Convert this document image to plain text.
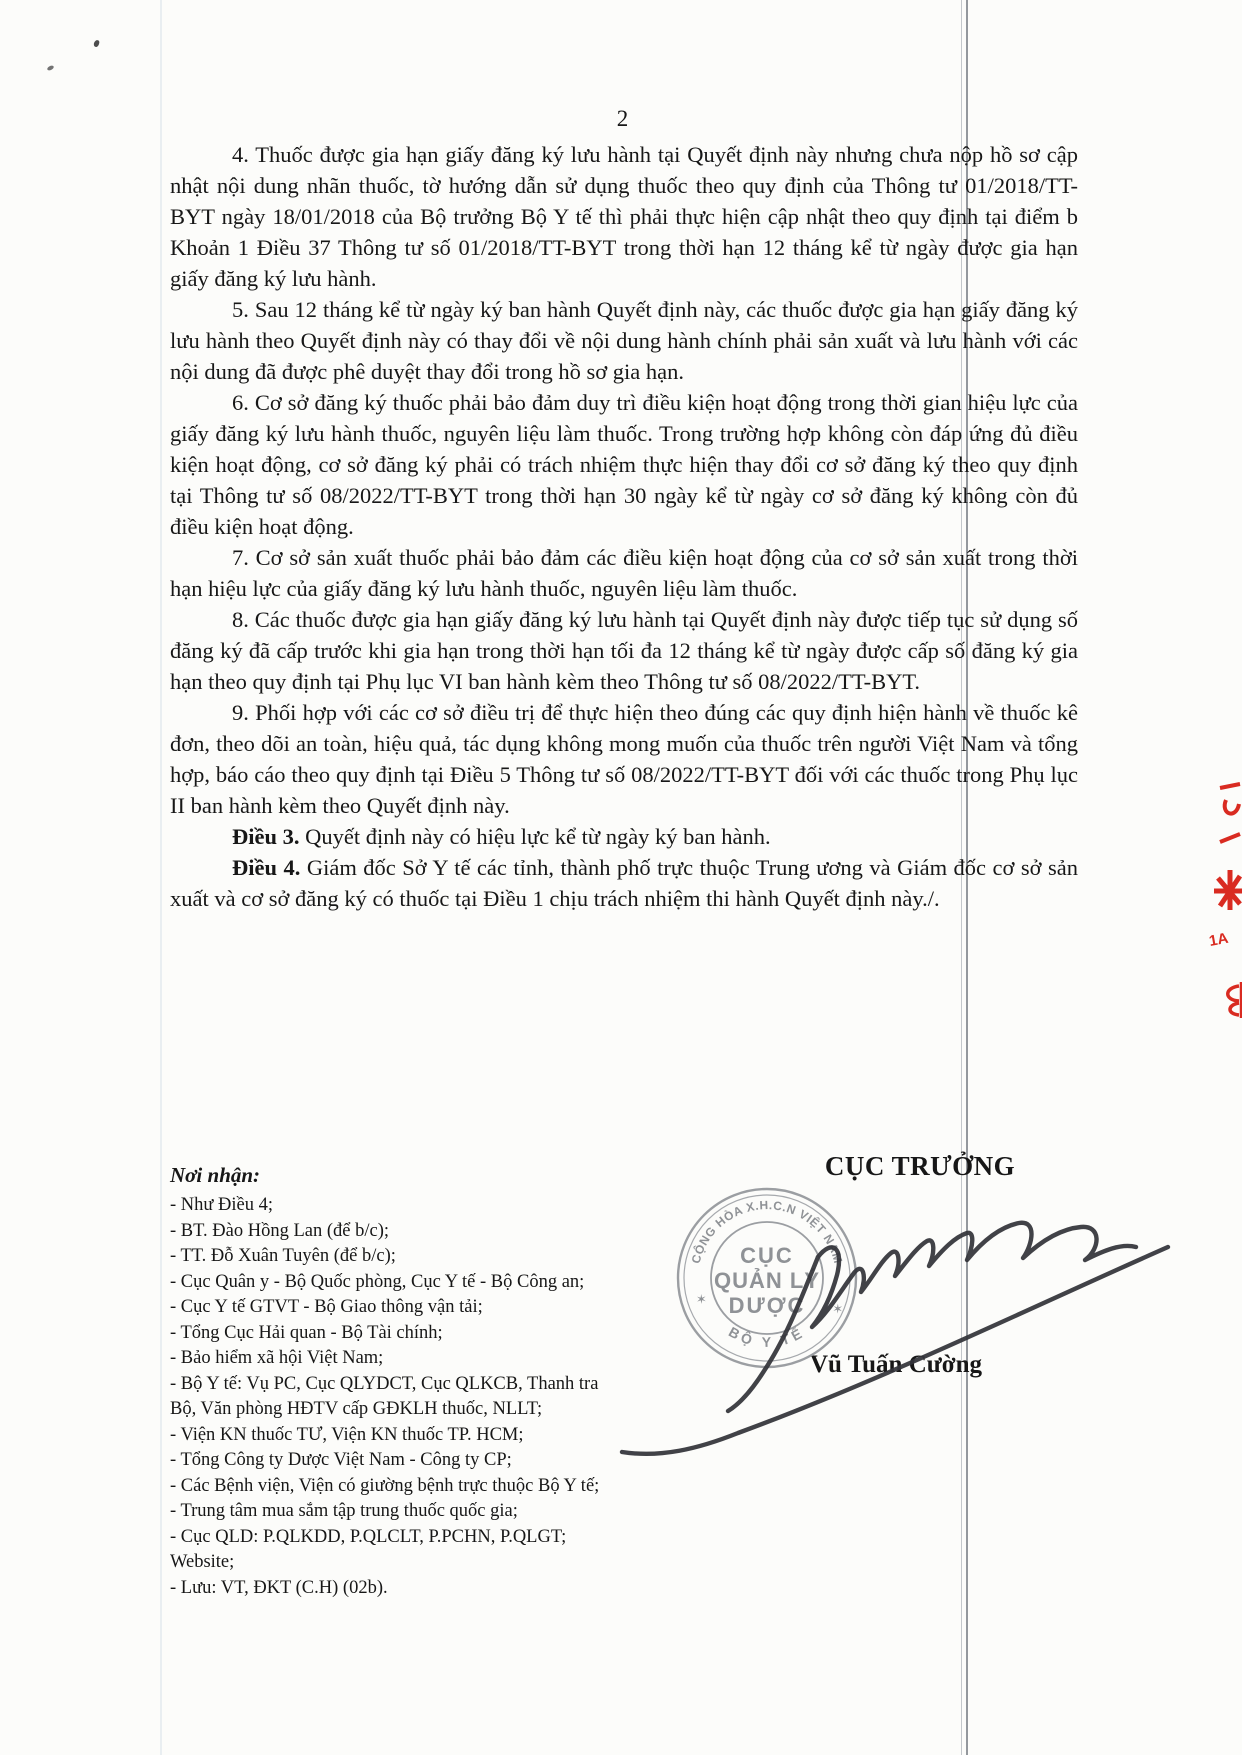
2

4. Thuốc được gia hạn giấy đăng ký lưu hành tại Quyết định này nhưng chưa nộp hồ sơ cập nhật nội dung nhãn thuốc, tờ hướng dẫn sử dụng thuốc theo quy định của Thông tư 01/2018/TT-BYT ngày 18/01/2018 của Bộ trưởng Bộ Y tế thì phải thực hiện cập nhật theo quy định tại điểm b Khoản 1 Điều 37 Thông tư số 01/2018/TT-BYT trong thời hạn 12 tháng kể từ ngày được gia hạn giấy đăng ký lưu hành.

5. Sau 12 tháng kể từ ngày ký ban hành Quyết định này, các thuốc được gia hạn giấy đăng ký lưu hành theo Quyết định này có thay đổi về nội dung hành chính phải sản xuất và lưu hành với các nội dung đã được phê duyệt thay đổi trong hồ sơ gia hạn.

6. Cơ sở đăng ký thuốc phải bảo đảm duy trì điều kiện hoạt động trong thời gian hiệu lực của giấy đăng ký lưu hành thuốc, nguyên liệu làm thuốc. Trong trường hợp không còn đáp ứng đủ điều kiện hoạt động, cơ sở đăng ký phải có trách nhiệm thực hiện thay đổi cơ sở đăng ký theo quy định tại Thông tư số 08/2022/TT-BYT trong thời hạn 30 ngày kể từ ngày cơ sở đăng ký không còn đủ điều kiện hoạt động.

7. Cơ sở sản xuất thuốc phải bảo đảm các điều kiện hoạt động của cơ sở sản xuất trong thời hạn hiệu lực của giấy đăng ký lưu hành thuốc, nguyên liệu làm thuốc.

8. Các thuốc được gia hạn giấy đăng ký lưu hành tại Quyết định này được tiếp tục sử dụng số đăng ký đã cấp trước khi gia hạn trong thời hạn tối đa 12 tháng kể từ ngày được cấp số đăng ký gia hạn theo quy định tại Phụ lục VI ban hành kèm theo Thông tư số 08/2022/TT-BYT.

9. Phối hợp với các cơ sở điều trị để thực hiện theo đúng các quy định hiện hành về thuốc kê đơn, theo dõi an toàn, hiệu quả, tác dụng không mong muốn của thuốc trên người Việt Nam và tổng hợp, báo cáo theo quy định tại Điều 5 Thông tư số 08/2022/TT-BYT đối với các thuốc trong Phụ lục II ban hành kèm theo Quyết định này.

Điều 3. Quyết định này có hiệu lực kể từ ngày ký ban hành.

Điều 4. Giám đốc Sở Y tế các tỉnh, thành phố trực thuộc Trung ương và Giám đốc cơ sở sản xuất và cơ sở đăng ký có thuốc tại Điều 1 chịu trách nhiệm thi hành Quyết định này./.

Nơi nhận:
- Như Điều 4;
- BT. Đào Hồng Lan (để b/c);
- TT. Đỗ Xuân Tuyên (để b/c);
- Cục Quân y - Bộ Quốc phòng, Cục Y tế - Bộ Công an;
- Cục Y tế GTVT - Bộ Giao thông vận tải;
- Tổng Cục Hải quan - Bộ Tài chính;
- Bảo hiểm xã hội Việt Nam;
- Bộ Y tế: Vụ PC, Cục QLYDCT, Cục QLKCB, Thanh tra
Bộ, Văn phòng HĐTV cấp GĐKLH thuốc, NLLT;
- Viện KN thuốc TƯ, Viện KN thuốc TP. HCM;
- Tổng Công ty Dược Việt Nam - Công ty CP;
- Các Bệnh viện, Viện có giường bệnh trực thuộc Bộ Y tế;
- Trung tâm mua sắm tập trung thuốc quốc gia;
- Cục QLD: P.QLKDD, P.QLCLT, P.PCHN, P.QLGT;
Website;
- Lưu: VT, ĐKT (C.H) (02b).
CỤC TRƯỞNG
Vũ Tuấn Cường
CỘNG HÒA X.H.C.N VIỆT NAM
BỘ Y TẾ
✶
✶
CỤC
QUẢN LÝ
DƯỢC
1A
